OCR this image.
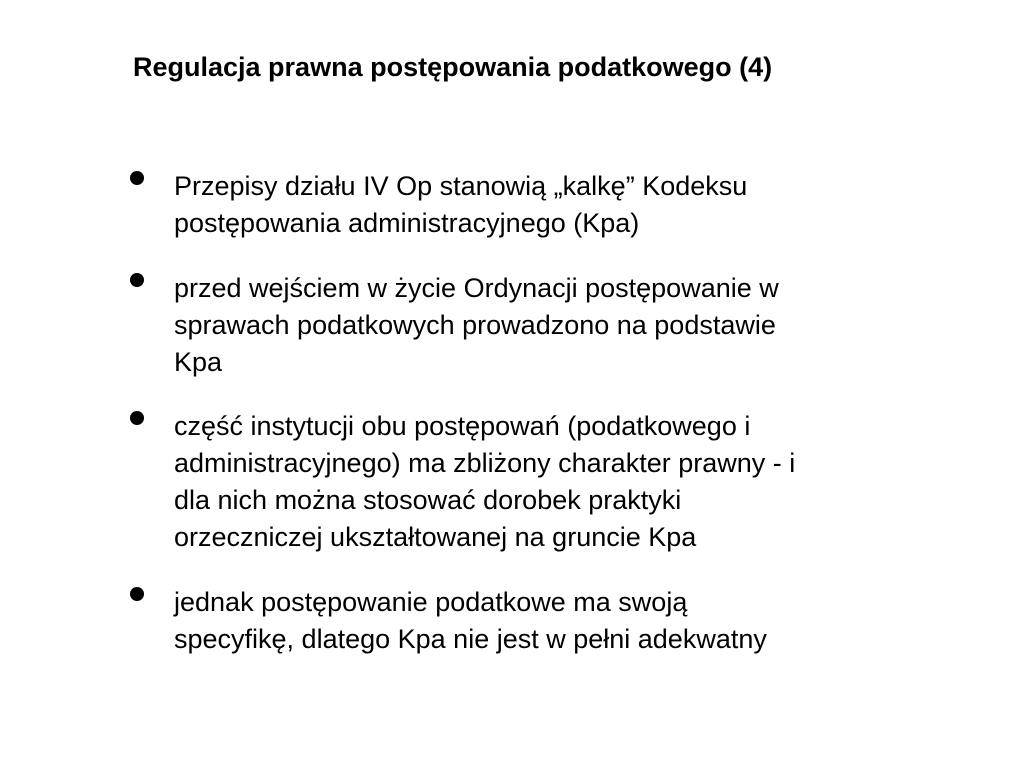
Regulacja prawna postępowania podatkowego (4)
Przepisy działu IV Op stanowią „kalkę” Kodeksu
postępowania administracyjnego (Kpa)
przed wejściem w życie Ordynacji postępowanie w
sprawach podatkowych prowadzono na podstawie
Kpa
część instytucji obu postępowań (podatkowego i
administracyjnego) ma zbliżony charakter prawny - i
dla nich można stosować dorobek praktyki
orzeczniczej ukształtowanej na gruncie Kpa
jednak postępowanie podatkowe ma swoją
specyfikę, dlatego Kpa nie jest w pełni adekwatny
